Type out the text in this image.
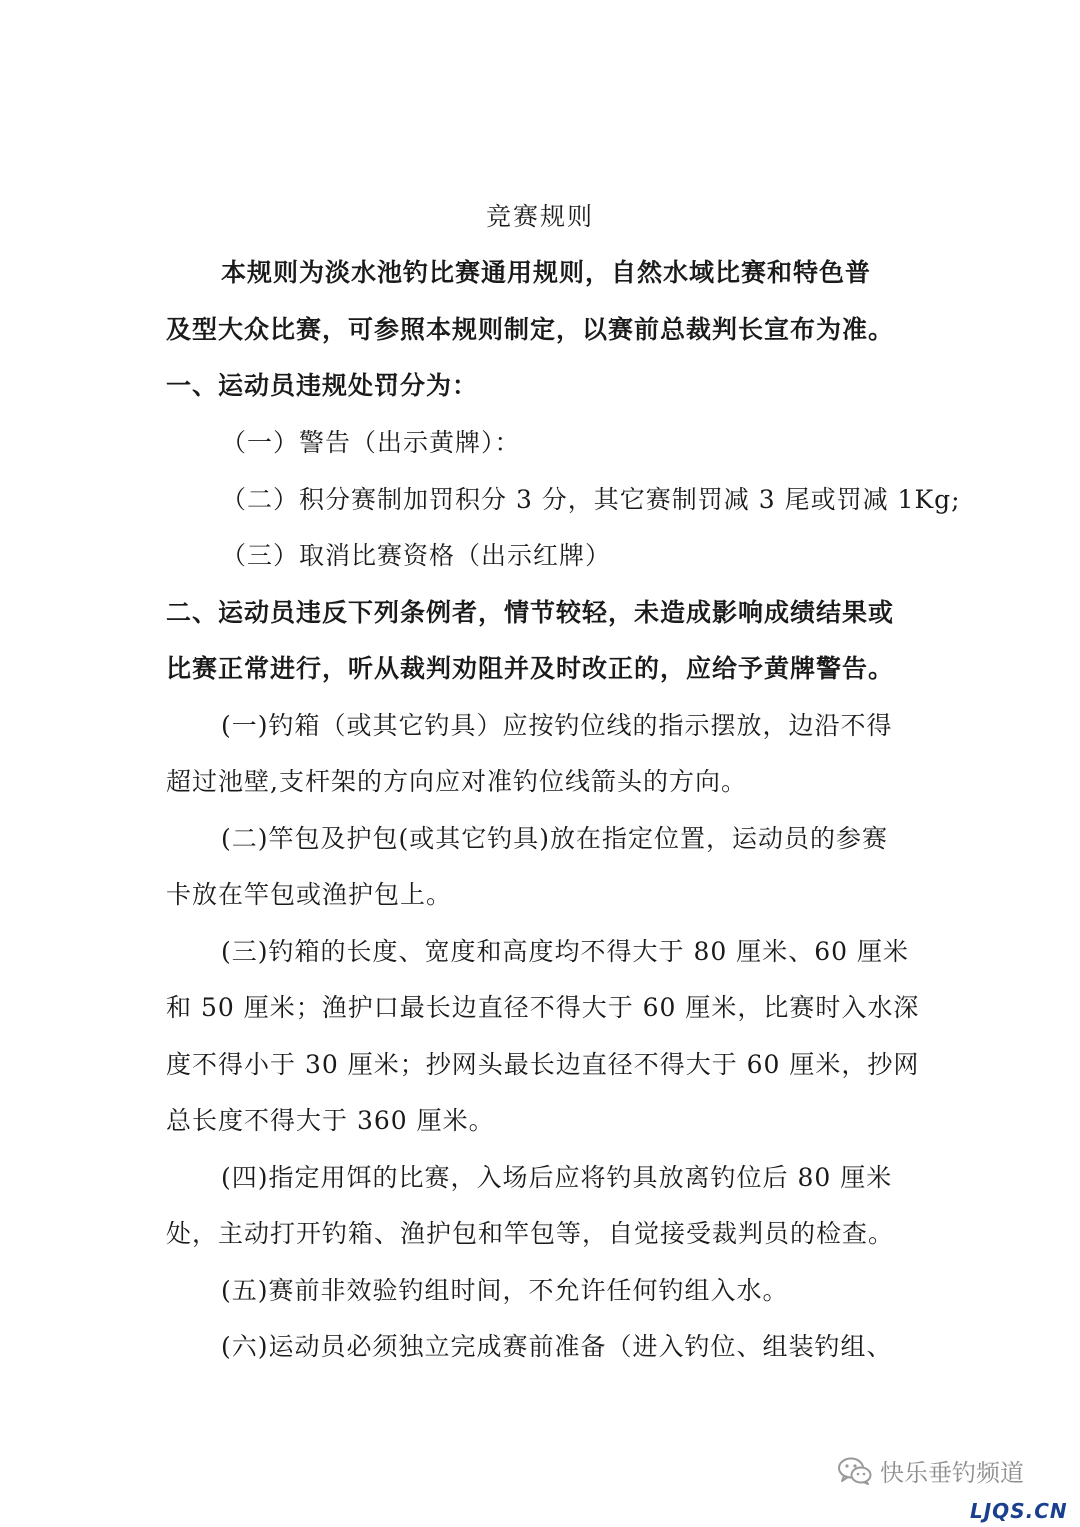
竞赛规则
本规则为淡水池钓比赛通用规则，自然水域比赛和特色普
及型大众比赛，可参照本规则制定，以赛前总裁判长宣布为准。
一、运动员违规处罚分为：
（一）警告（出示黄牌）：
（二）积分赛制加罚积分 3 分，其它赛制罚减 3 尾或罚减 1Kg;
（三）取消比赛资格（出示红牌）
二、运动员违反下列条例者，情节较轻，未造成影响成绩结果或
比赛正常进行，听从裁判劝阻并及时改正的，应给予黄牌警告。
(一)钓箱（或其它钓具）应按钓位线的指示摆放，边沿不得
超过池壁,支杆架的方向应对准钓位线箭头的方向。
(二)竿包及护包(或其它钓具)放在指定位置，运动员的参赛
卡放在竿包或渔护包上。
(三)钓箱的长度、宽度和高度均不得大于 80 厘米、60 厘米
和 50 厘米；渔护口最长边直径不得大于 60 厘米，比赛时入水深
度不得小于 30 厘米；抄网头最长边直径不得大于 60 厘米，抄网
总长度不得大于 360 厘米。
(四)指定用饵的比赛，入场后应将钓具放离钓位后 80 厘米
处，主动打开钓箱、渔护包和竿包等，自觉接受裁判员的检查。
(五)赛前非效验钓组时间，不允许任何钓组入水。
(六)运动员必须独立完成赛前准备（进入钓位、组装钓组、
快乐垂钓频道
LJQS.CN
